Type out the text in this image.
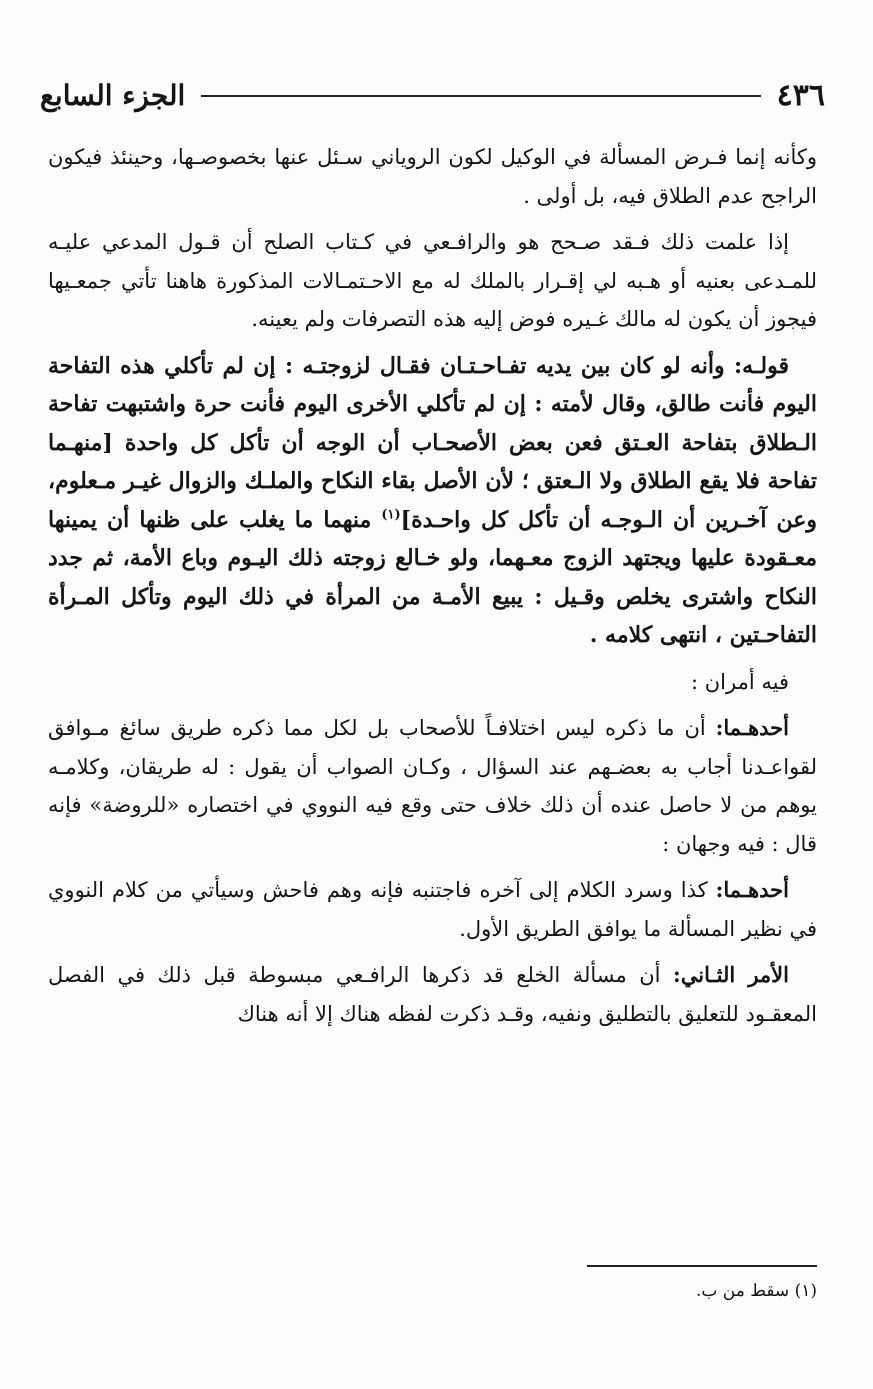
٤٣٦
الجزء السابع

وكأنه إنما فـرض المسألة في الوكيل لكون الروياني سـئل عنها بخصوصـها، وحينئذ فيكون الراجح عدم الطلاق فيه، بل أولى .

إذا علمت ذلك فـقد صـحح هو والرافـعي في كـتاب الصلح أن قـول المدعي عليـه للمـدعى بعنيه أو هـبه لي إقـرار بالملك له مع الاحـتمـالات المذكورة هاهنا تأتي جمعـيها فيجوز أن يكون له مالك غـيره فوض إليه هذه التصرفات ولم يعينه.

قولـه: وأنه لو كان بين يديه تفـاحـتـان فقـال لزوجتـه : إن لم تأكلي هذه التفاحة اليوم فأنت طالق، وقال لأمته : إن لم تأكلي الأخرى اليوم فأنت حرة واشتبهت تفاحة الـطلاق بتفاحة العـتق فعن بعض الأصحـاب أن الوجه أن تأكل كل واحدة [منهـما تفاحة فلا يقع الطلاق ولا الـعتق ؛ لأن الأصل بقاء النكاح والملـك والزوال غيـر مـعلوم، وعن آخـرين أن الـوجـه أن تأكل كل واحـدة]$^{(١)}$ منهما ما يغلب على ظنها أن يمينها معـقودة عليها ويجتهد الزوج معـهما، ولو خـالع زوجته ذلك اليـوم وباع الأمة، ثم جدد النكاح واشترى يخلص وقـيل : يبيع الأمـة من المرأة في ذلك اليوم وتأكل المـرأة التفاحـتين ، انتهى كلامه .

فيه أمران :

أحدهـما: أن ما ذكره ليس اختلافـاً للأصحاب بل لكل مما ذكره طريق سائغ مـوافق لقواعـدنا أجاب به بعضـهم عند السؤال ، وكـان الصواب أن يقول : له طريقان، وكلامـه يوهم من لا حاصل عنده أن ذلك خلاف حتى وقع فيه النووي في اختصاره «للروضة» فإنه قال : فيه وجهان :

أحدهـما: كذا وسرد الكلام إلى آخره فاجتنبه فإنه وهم فاحش وسيأتي من كلام النووي في نظير المسألة ما يوافق الطريق الأول.

الأمر الثـاني: أن مسألة الخلع قد ذكرها الرافـعي مبسوطة قبل ذلك في الفصل المعقـود للتعليق بالتطليق ونفيه، وقـد ذكرت لفظه هناك إلا أنه هناك

(١) سقط من ب.
